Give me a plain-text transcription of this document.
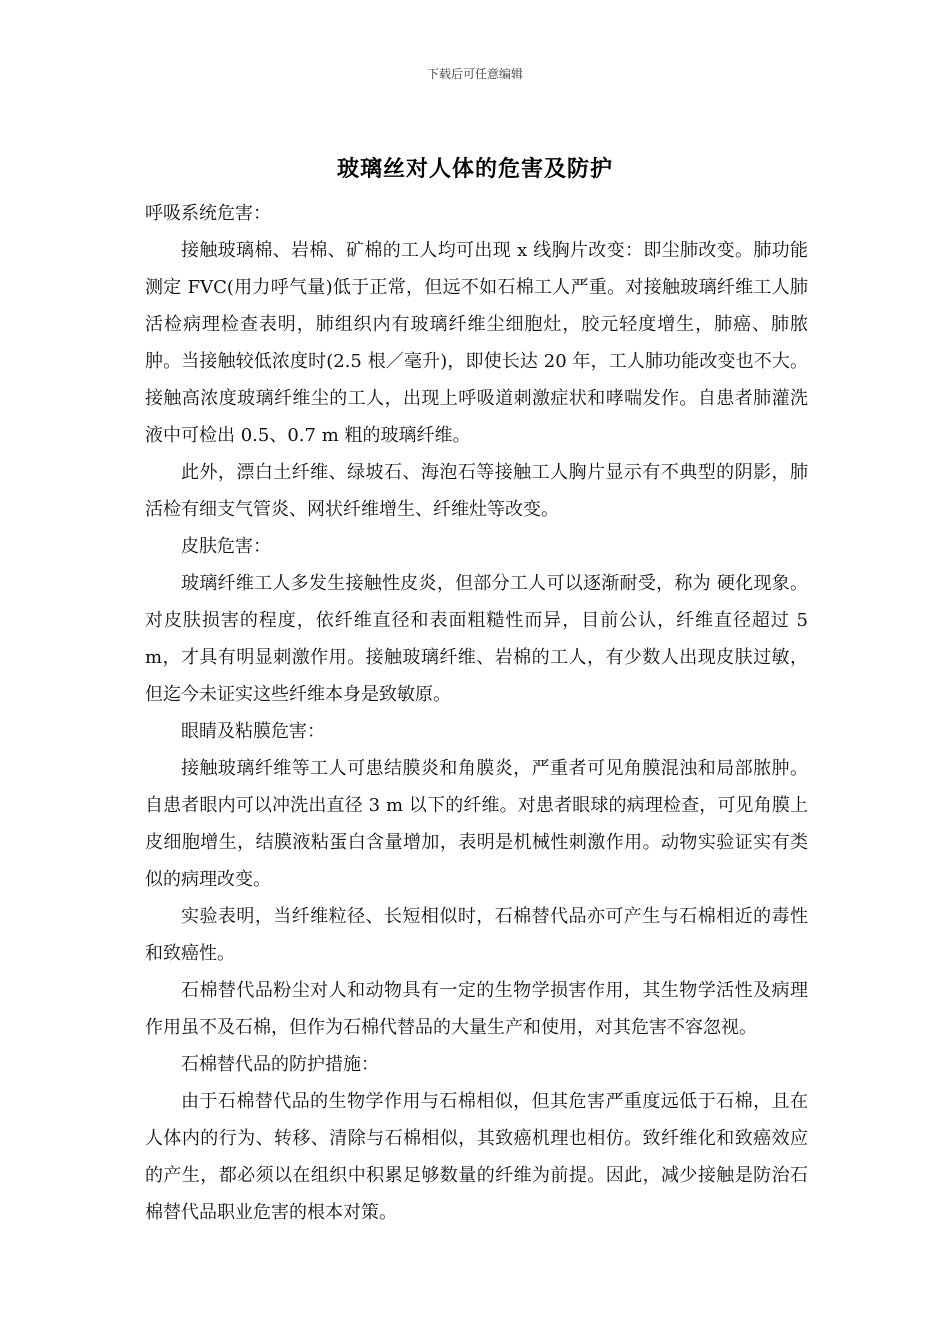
下载后可任意编辑
玻璃丝对人体的危害及防护

呼吸系统危害：

接触玻璃棉、岩棉、矿棉的工人均可出现 x 线胸片改变：即尘肺改变。肺功能测定 FVC(用力呼气量)低于正常，但远不如石棉工人严重。对接触玻璃纤维工人肺活检病理检查表明，肺组织内有玻璃纤维尘细胞灶，胶元轻度增生，肺癌、肺脓肿。当接触较低浓度时(2.5 根／毫升)，即使长达 20 年，工人肺功能改变也不大。接触高浓度玻璃纤维尘的工人，出现上呼吸道刺激症状和哮喘发作。自患者肺灌洗液中可检出 0.5、0.7 m 粗的玻璃纤维。

此外，漂白土纤维、绿坡石、海泡石等接触工人胸片显示有不典型的阴影，肺活检有细支气管炎、网状纤维增生、纤维灶等改变。

皮肤危害：

玻璃纤维工人多发生接触性皮炎，但部分工人可以逐渐耐受，称为 硬化现象。对皮肤损害的程度，依纤维直径和表面粗糙性而异，目前公认，纤维直径超过 5 m，才具有明显刺激作用。接触玻璃纤维、岩棉的工人，有少数人出现皮肤过敏，但迄今未证实这些纤维本身是致敏原。

眼睛及粘膜危害：

接触玻璃纤维等工人可患结膜炎和角膜炎，严重者可见角膜混浊和局部脓肿。自患者眼内可以冲洗出直径 3 m 以下的纤维。对患者眼球的病理检查，可见角膜上皮细胞增生，结膜液粘蛋白含量增加，表明是机械性刺激作用。动物实验证实有类似的病理改变。

实验表明，当纤维粒径、长短相似时，石棉替代品亦可产生与石棉相近的毒性和致癌性。

石棉替代品粉尘对人和动物具有一定的生物学损害作用，其生物学活性及病理作用虽不及石棉，但作为石棉代替品的大量生产和使用，对其危害不容忽视。

石棉替代品的防护措施：

由于石棉替代品的生物学作用与石棉相似，但其危害严重度远低于石棉，且在人体内的行为、转移、清除与石棉相似，其致癌机理也相仿。致纤维化和致癌效应的产生，都必须以在组织中积累足够数量的纤维为前提。因此，减少接触是防治石棉替代品职业危害的根本对策。
